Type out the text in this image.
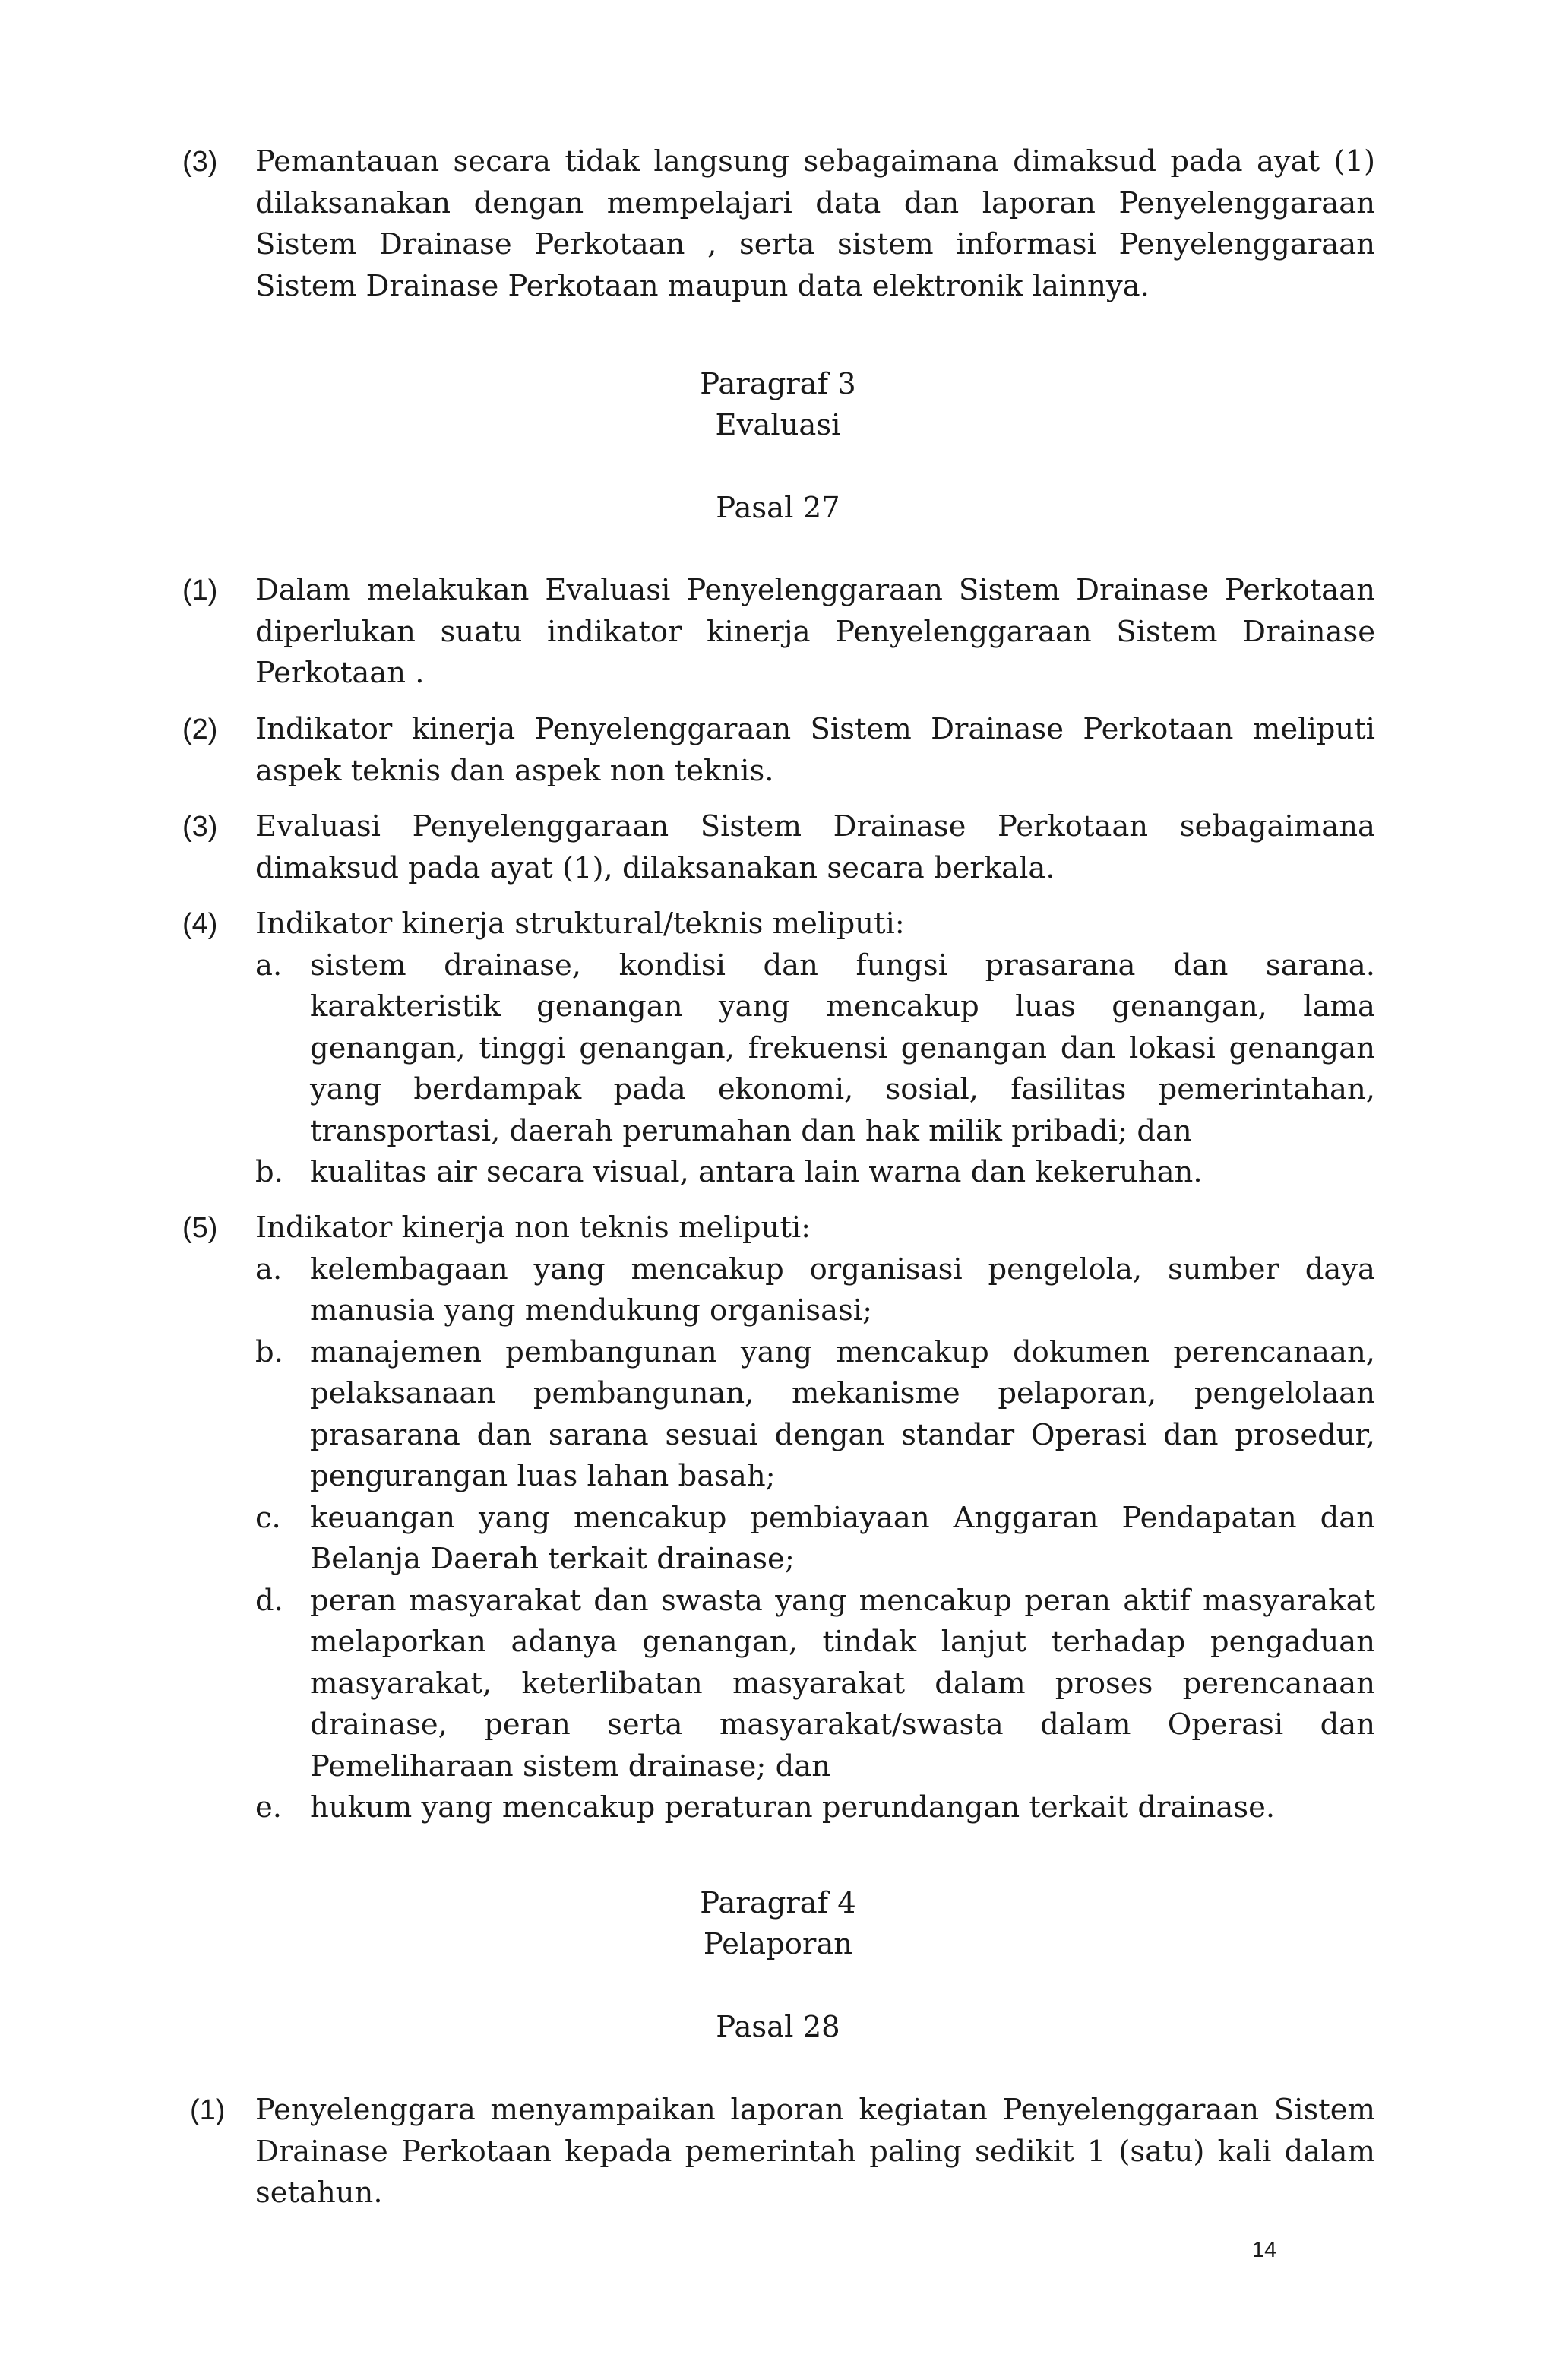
(3) Pemantauan secara tidak langsung sebagaimana dimaksud pada ayat (1) dilaksanakan dengan mempelajari data dan laporan Penyelenggaraan Sistem Drainase Perkotaan , serta sistem informasi Penyelenggaraan Sistem Drainase Perkotaan maupun data elektronik lainnya.
Paragraf 3
Evaluasi
Pasal 27
(1) Dalam melakukan Evaluasi Penyelenggaraan Sistem Drainase Perkotaan diperlukan suatu indikator kinerja Penyelenggaraan Sistem Drainase Perkotaan .
(2) Indikator kinerja Penyelenggaraan Sistem Drainase Perkotaan meliputi aspek teknis dan aspek non teknis.
(3) Evaluasi Penyelenggaraan Sistem Drainase Perkotaan sebagaimana dimaksud pada ayat (1), dilaksanakan secara berkala.
(4) Indikator kinerja struktural/teknis meliputi:
a. sistem drainase, kondisi dan fungsi prasarana dan sarana. karakteristik genangan yang mencakup luas genangan, lama genangan, tinggi genangan, frekuensi genangan dan lokasi genangan yang berdampak pada ekonomi, sosial, fasilitas pemerintahan, transportasi, daerah perumahan dan hak milik pribadi; dan
b. kualitas air secara visual, antara lain warna dan kekeruhan.
(5) Indikator kinerja non teknis meliputi:
a. kelembagaan yang mencakup organisasi pengelola, sumber daya manusia yang mendukung organisasi;
b. manajemen pembangunan yang mencakup dokumen perencanaan, pelaksanaan pembangunan, mekanisme pelaporan, pengelolaan prasarana dan sarana sesuai dengan standar Operasi dan prosedur, pengurangan luas lahan basah;
c. keuangan yang mencakup pembiayaan Anggaran Pendapatan dan Belanja Daerah terkait drainase;
d. peran masyarakat dan swasta yang mencakup peran aktif masyarakat melaporkan adanya genangan, tindak lanjut terhadap pengaduan masyarakat, keterlibatan masyarakat dalam proses perencanaan drainase, peran serta masyarakat/swasta dalam Operasi dan Pemeliharaan sistem drainase; dan
e. hukum yang mencakup peraturan perundangan terkait drainase.
Paragraf 4
Pelaporan
Pasal 28
(1) Penyelenggara menyampaikan laporan kegiatan Penyelenggaraan Sistem Drainase Perkotaan kepada pemerintah paling sedikit 1 (satu) kali dalam setahun.
14
